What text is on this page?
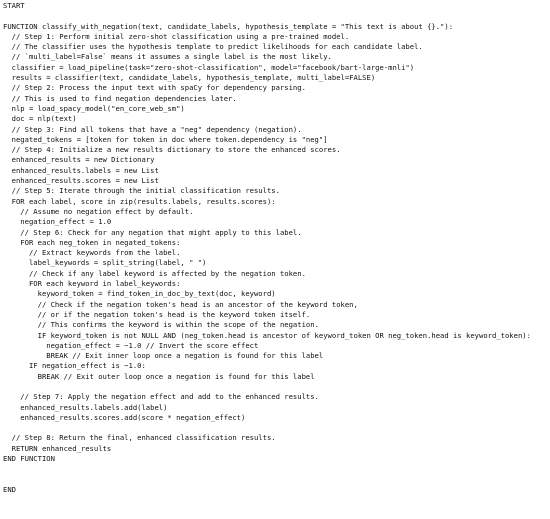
START
FUNCTION classify_with_negation(text, candidate_labels, hypothesis_template = "This text is about {}."):
// Step 1: Perform initial zero-shot classification using a pre-trained model.
// The classifier uses the hypothesis template to predict likelihoods for each candidate label.
// `multi_label=False` means it assumes a single label is the most likely.
classifier = load_pipeline(task="zero-shot-classification", model="facebook/bart-large-mnli")
results = classifier(text, candidate_labels, hypothesis_template, multi_label=FALSE)
// Step 2: Process the input text with spaCy for dependency parsing.
// This is used to find negation dependencies later.
nlp = load_spacy_model("en_core_web_sm")
doc = nlp(text)
// Step 3: Find all tokens that have a "neg" dependency (negation).
negated_tokens = [token for token in doc where token.dependency is "neg"]
// Step 4: Initialize a new results dictionary to store the enhanced scores.
enhanced_results = new Dictionary
enhanced_results.labels = new List
enhanced_results.scores = new List
// Step 5: Iterate through the initial classification results.
FOR each label, score in zip(results.labels, results.scores):
// Assume no negation effect by default.
negation_effect = 1.0
// Step 6: Check for any negation that might apply to this label.
FOR each neg_token in negated_tokens:
// Extract keywords from the label.
label_keywords = split_string(label, " ")
// Check if any label keyword is affected by the negation token.
FOR each keyword in label_keywords:
keyword_token = find_token_in_doc_by_text(doc, keyword)
// Check if the negation token's head is an ancestor of the keyword token,
// or if the negation token's head is the keyword token itself.
// This confirms the keyword is within the scope of the negation.
IF keyword_token is not NULL AND (neg_token.head is ancestor of keyword_token OR neg_token.head is keyword_token):
negation_effect = −1.0 // Invert the score effect
BREAK // Exit inner loop once a negation is found for this label
IF negation_effect is −1.0:
BREAK // Exit outer loop once a negation is found for this label
// Step 7: Apply the negation effect and add to the enhanced results.
enhanced_results.labels.add(label)
enhanced_results.scores.add(score * negation_effect)
// Step 8: Return the final, enhanced classification results.
RETURN enhanced_results
END FUNCTION
END
